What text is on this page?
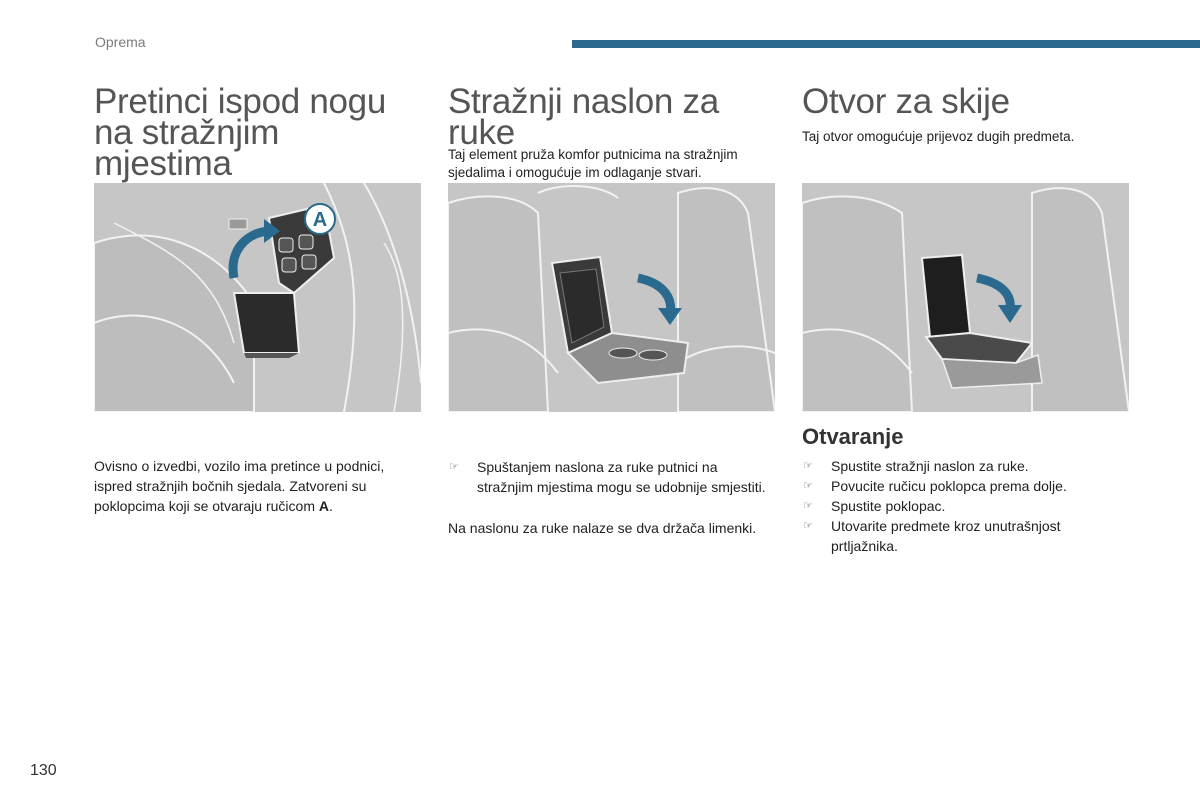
Oprema
Pretinci ispod nogu na stražnjim mjestima
A
Ovisno o izvedbi, vozilo ima pretince u podnici, ispred stražnjih bočnih sjedala. Zatvoreni su poklopcima koji se otvaraju ručicom A.
Stražnji naslon za ruke
Taj element pruža komfor putnicima na stražnjim sjedalima i omogućuje im odlaganje stvari.
☞ Spuštanjem naslona za ruke putnici na stražnjim mjestima mogu se udobnije smjestiti.
Na naslonu za ruke nalaze se dva držača limenki.
Otvor za skije
Taj otvor omogućuje prijevoz dugih predmeta.
Otvaranje
☞ Spustite stražnji naslon za ruke.
☞ Povucite ručicu poklopca prema dolje.
☞ Spustite poklopac.
☞ Utovarite predmete kroz unutrašnjost prtljažnika.
130
